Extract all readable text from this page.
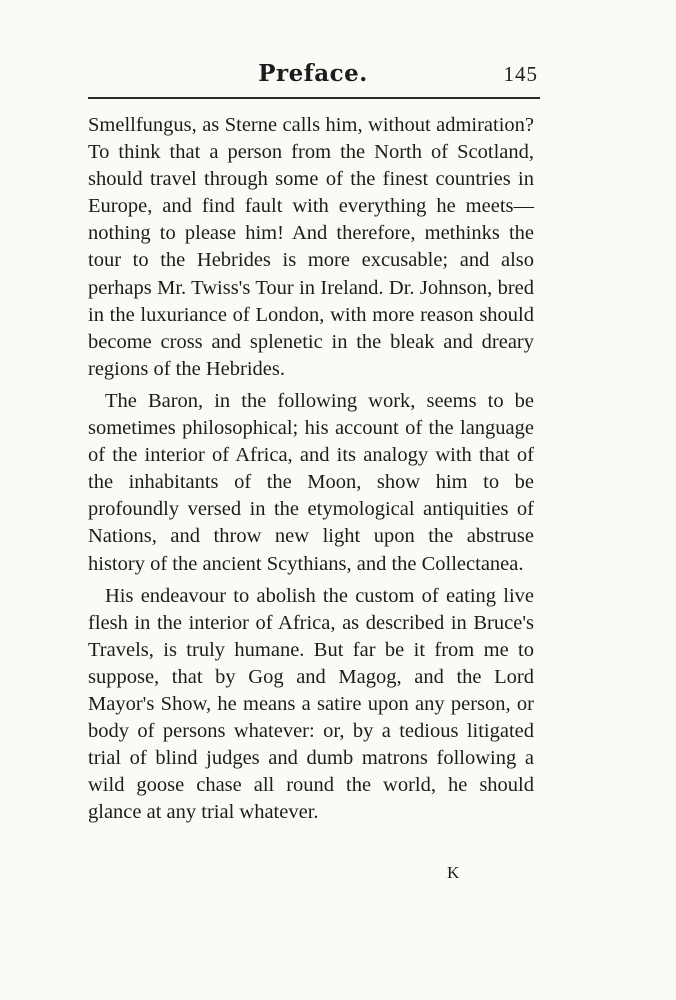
Preface.	145

Smellfungus, as Sterne calls him, without admiration? To think that a person from the North of Scotland, should travel through some of the finest countries in Europe, and find fault with everything he meets—nothing to please him! And therefore, methinks the tour to the Hebrides is more excusable; and also perhaps Mr. Twiss's Tour in Ireland. Dr. Johnson, bred in the luxuriance of London, with more reason should become cross and splenetic in the bleak and dreary regions of the Hebrides.

The Baron, in the following work, seems to be sometimes philosophical; his account of the language of the interior of Africa, and its analogy with that of the inhabitants of the Moon, show him to be profoundly versed in the etymological antiquities of Nations, and throw new light upon the abstruse history of the ancient Scythians, and the Collectanea.

His endeavour to abolish the custom of eating live flesh in the interior of Africa, as described in Bruce's Travels, is truly humane. But far be it from me to suppose, that by Gog and Magog, and the Lord Mayor's Show, he means a satire upon any person, or body of persons whatever: or, by a tedious litigated trial of blind judges and dumb matrons following a wild goose chase all round the world, he should glance at any trial whatever.

K
